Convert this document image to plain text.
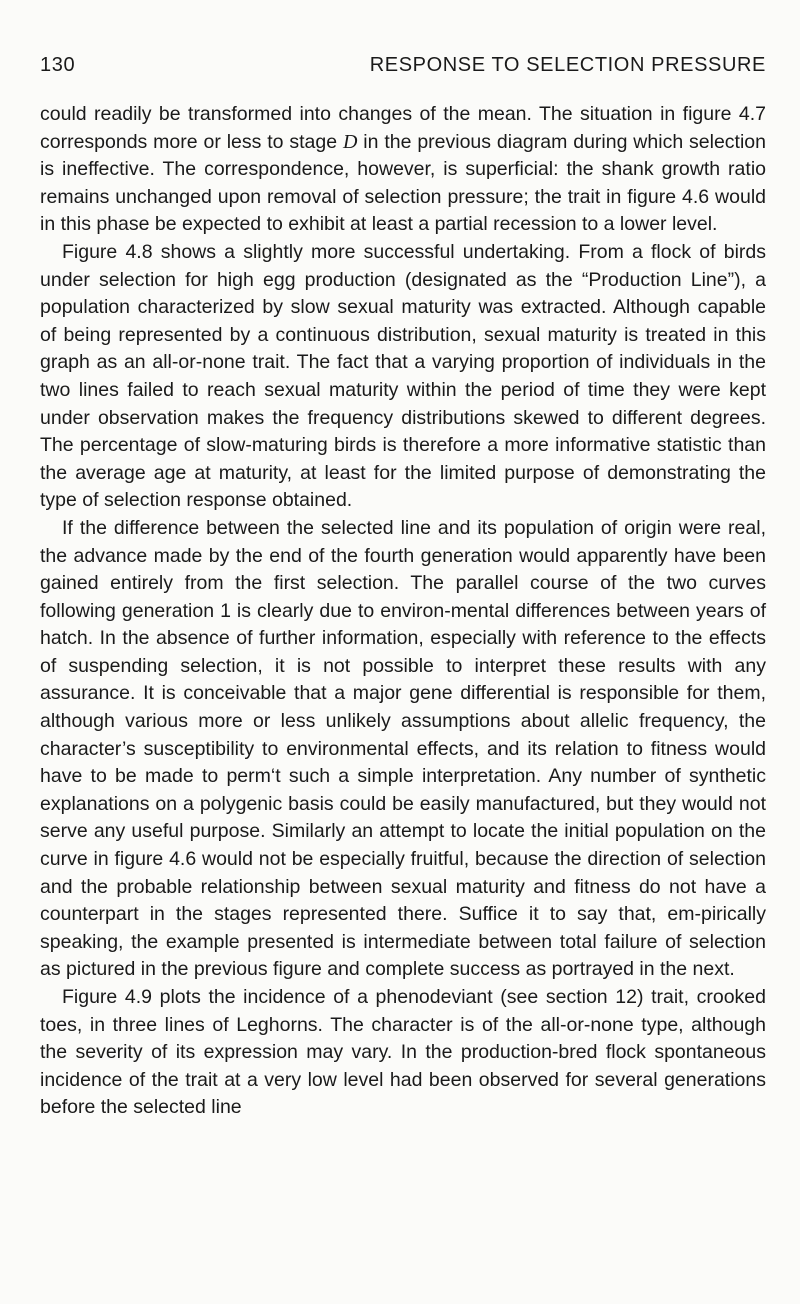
130	RESPONSE TO SELECTION PRESSURE

could readily be transformed into changes of the mean. The situation in figure 4.7 corresponds more or less to stage D in the previous diagram during which selection is ineffective. The correspondence, however, is superficial: the shank growth ratio remains unchanged upon removal of selection pressure; the trait in figure 4.6 would in this phase be expected to exhibit at least a partial recession to a lower level.

Figure 4.8 shows a slightly more successful undertaking. From a flock of birds under selection for high egg production (designated as the “Production Line”), a population characterized by slow sexual maturity was extracted. Although capable of being represented by a continuous distribution, sexual maturity is treated in this graph as an all-or-none trait. The fact that a varying proportion of individuals in the two lines failed to reach sexual maturity within the period of time they were kept under observation makes the frequency distributions skewed to different degrees. The percentage of slow-maturing birds is therefore a more informative statistic than the average age at maturity, at least for the limited purpose of demonstrating the type of selection response obtained.

If the difference between the selected line and its population of origin were real, the advance made by the end of the fourth generation would apparently have been gained entirely from the first selection. The parallel course of the two curves following generation 1 is clearly due to environ-mental differences between years of hatch. In the absence of further information, especially with reference to the effects of suspending selection, it is not possible to interpret these results with any assurance. It is conceivable that a major gene differential is responsible for them, although various more or less unlikely assumptions about allelic frequency, the character’s susceptibility to environmental effects, and its relation to fitness would have to be made to perm‘t such a simple interpretation. Any number of synthetic explanations on a polygenic basis could be easily manufactured, but they would not serve any useful purpose. Similarly an attempt to locate the initial population on the curve in figure 4.6 would not be especially fruitful, because the direction of selection and the probable relationship between sexual maturity and fitness do not have a counterpart in the stages represented there. Suffice it to say that, em-pirically speaking, the example presented is intermediate between total failure of selection as pictured in the previous figure and complete success as portrayed in the next.

Figure 4.9 plots the incidence of a phenodeviant (see section 12) trait, crooked toes, in three lines of Leghorns. The character is of the all-or-none type, although the severity of its expression may vary. In the production-bred flock spontaneous incidence of the trait at a very low level had been observed for several generations before the selected line
